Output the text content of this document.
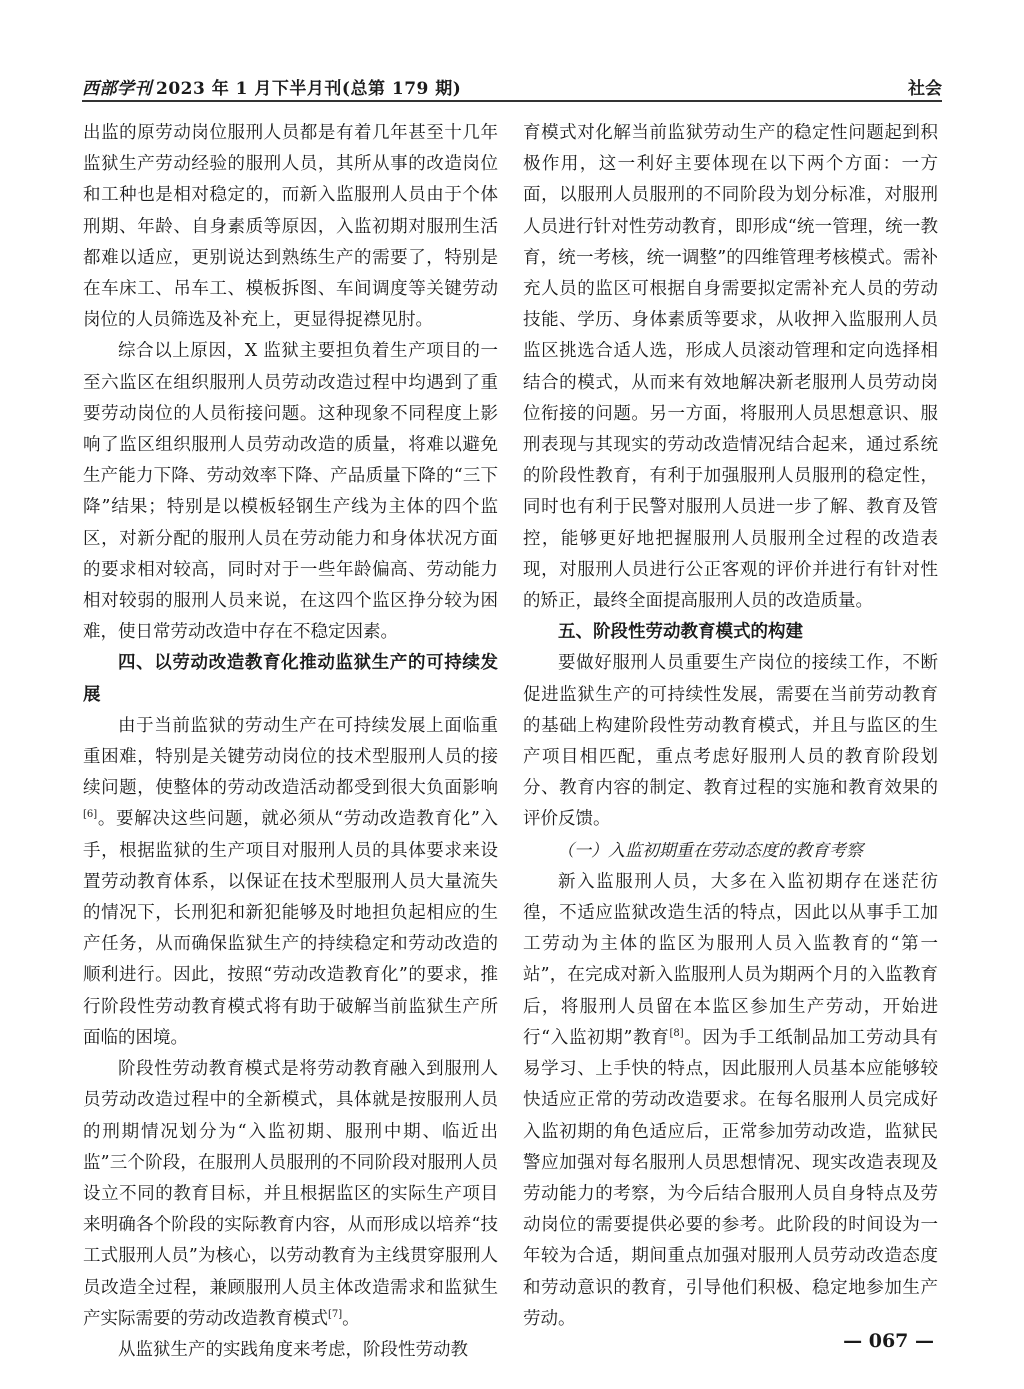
西部学刊 2023 年 1 月下半月刊(总第 179 期)	社会

出监的原劳动岗位服刑人员都是有着几年甚至十几年监狱生产劳动经验的服刑人员，其所从事的改造岗位和工种也是相对稳定的，而新入监服刑人员由于个体刑期、年龄、自身素质等原因，入监初期对服刑生活都难以适应，更别说达到熟练生产的需要了，特别是在车床工、吊车工、模板拆图、车间调度等关键劳动岗位的人员筛选及补充上，更显得捉襟见肘。

综合以上原因，X 监狱主要担负着生产项目的一至六监区在组织服刑人员劳动改造过程中均遇到了重要劳动岗位的人员衔接问题。这种现象不同程度上影响了监区组织服刑人员劳动改造的质量，将难以避免生产能力下降、劳动效率下降、产品质量下降的“三下降”结果；特别是以模板轻钢生产线为主体的四个监区，对新分配的服刑人员在劳动能力和身体状况方面的要求相对较高，同时对于一些年龄偏高、劳动能力相对较弱的服刑人员来说，在这四个监区挣分较为困难，使日常劳动改造中存在不稳定因素。

四、以劳动改造教育化推动监狱生产的可持续发展

由于当前监狱的劳动生产在可持续发展上面临重重困难，特别是关键劳动岗位的技术型服刑人员的接续问题，使整体的劳动改造活动都受到很大负面影响[6]。要解决这些问题，就必须从“劳动改造教育化”入手，根据监狱的生产项目对服刑人员的具体要求来设置劳动教育体系，以保证在技术型服刑人员大量流失的情况下，长刑犯和新犯能够及时地担负起相应的生产任务，从而确保监狱生产的持续稳定和劳动改造的顺利进行。因此，按照“劳动改造教育化”的要求，推行阶段性劳动教育模式将有助于破解当前监狱生产所面临的困境。

阶段性劳动教育模式是将劳动教育融入到服刑人员劳动改造过程中的全新模式，具体就是按服刑人员的刑期情况划分为“入监初期、服刑中期、临近出监”三个阶段，在服刑人员服刑的不同阶段对服刑人员设立不同的教育目标，并且根据监区的实际生产项目来明确各个阶段的实际教育内容，从而形成以培养“技工式服刑人员”为核心，以劳动教育为主线贯穿服刑人员改造全过程，兼顾服刑人员主体改造需求和监狱生产实际需要的劳动改造教育模式[7]。

从监狱生产的实践角度来考虑，阶段性劳动教

育模式对化解当前监狱劳动生产的稳定性问题起到积极作用，这一利好主要体现在以下两个方面：一方面，以服刑人员服刑的不同阶段为划分标准，对服刑人员进行针对性劳动教育，即形成“统一管理，统一教育，统一考核，统一调整”的四维管理考核模式。需补充人员的监区可根据自身需要拟定需补充人员的劳动技能、学历、身体素质等要求，从收押入监服刑人员监区挑选合适人选，形成人员滚动管理和定向选择相结合的模式，从而来有效地解决新老服刑人员劳动岗位衔接的问题。另一方面，将服刑人员思想意识、服刑表现与其现实的劳动改造情况结合起来，通过系统的阶段性教育，有利于加强服刑人员服刑的稳定性，同时也有利于民警对服刑人员进一步了解、教育及管控，能够更好地把握服刑人员服刑全过程的改造表现，对服刑人员进行公正客观的评价并进行有针对性的矫正，最终全面提高服刑人员的改造质量。

五、阶段性劳动教育模式的构建

要做好服刑人员重要生产岗位的接续工作，不断促进监狱生产的可持续性发展，需要在当前劳动教育的基础上构建阶段性劳动教育模式，并且与监区的生产项目相匹配，重点考虑好服刑人员的教育阶段划分、教育内容的制定、教育过程的实施和教育效果的评价反馈。

（一）入监初期重在劳动态度的教育考察

新入监服刑人员，大多在入监初期存在迷茫彷徨，不适应监狱改造生活的特点，因此以从事手工加工劳动为主体的监区为服刑人员入监教育的“第一站”，在完成对新入监服刑人员为期两个月的入监教育后，将服刑人员留在本监区参加生产劳动，开始进行“入监初期”教育[8]。因为手工纸制品加工劳动具有易学习、上手快的特点，因此服刑人员基本应能够较快适应正常的劳动改造要求。在每名服刑人员完成好入监初期的角色适应后，正常参加劳动改造，监狱民警应加强对每名服刑人员思想情况、现实改造表现及劳动能力的考察，为今后结合服刑人员自身特点及劳动岗位的需要提供必要的参考。此阶段的时间设为一年较为合适，期间重点加强对服刑人员劳动改造态度和劳动意识的教育，引导他们积极、稳定地参加生产劳动。

— 067 —
